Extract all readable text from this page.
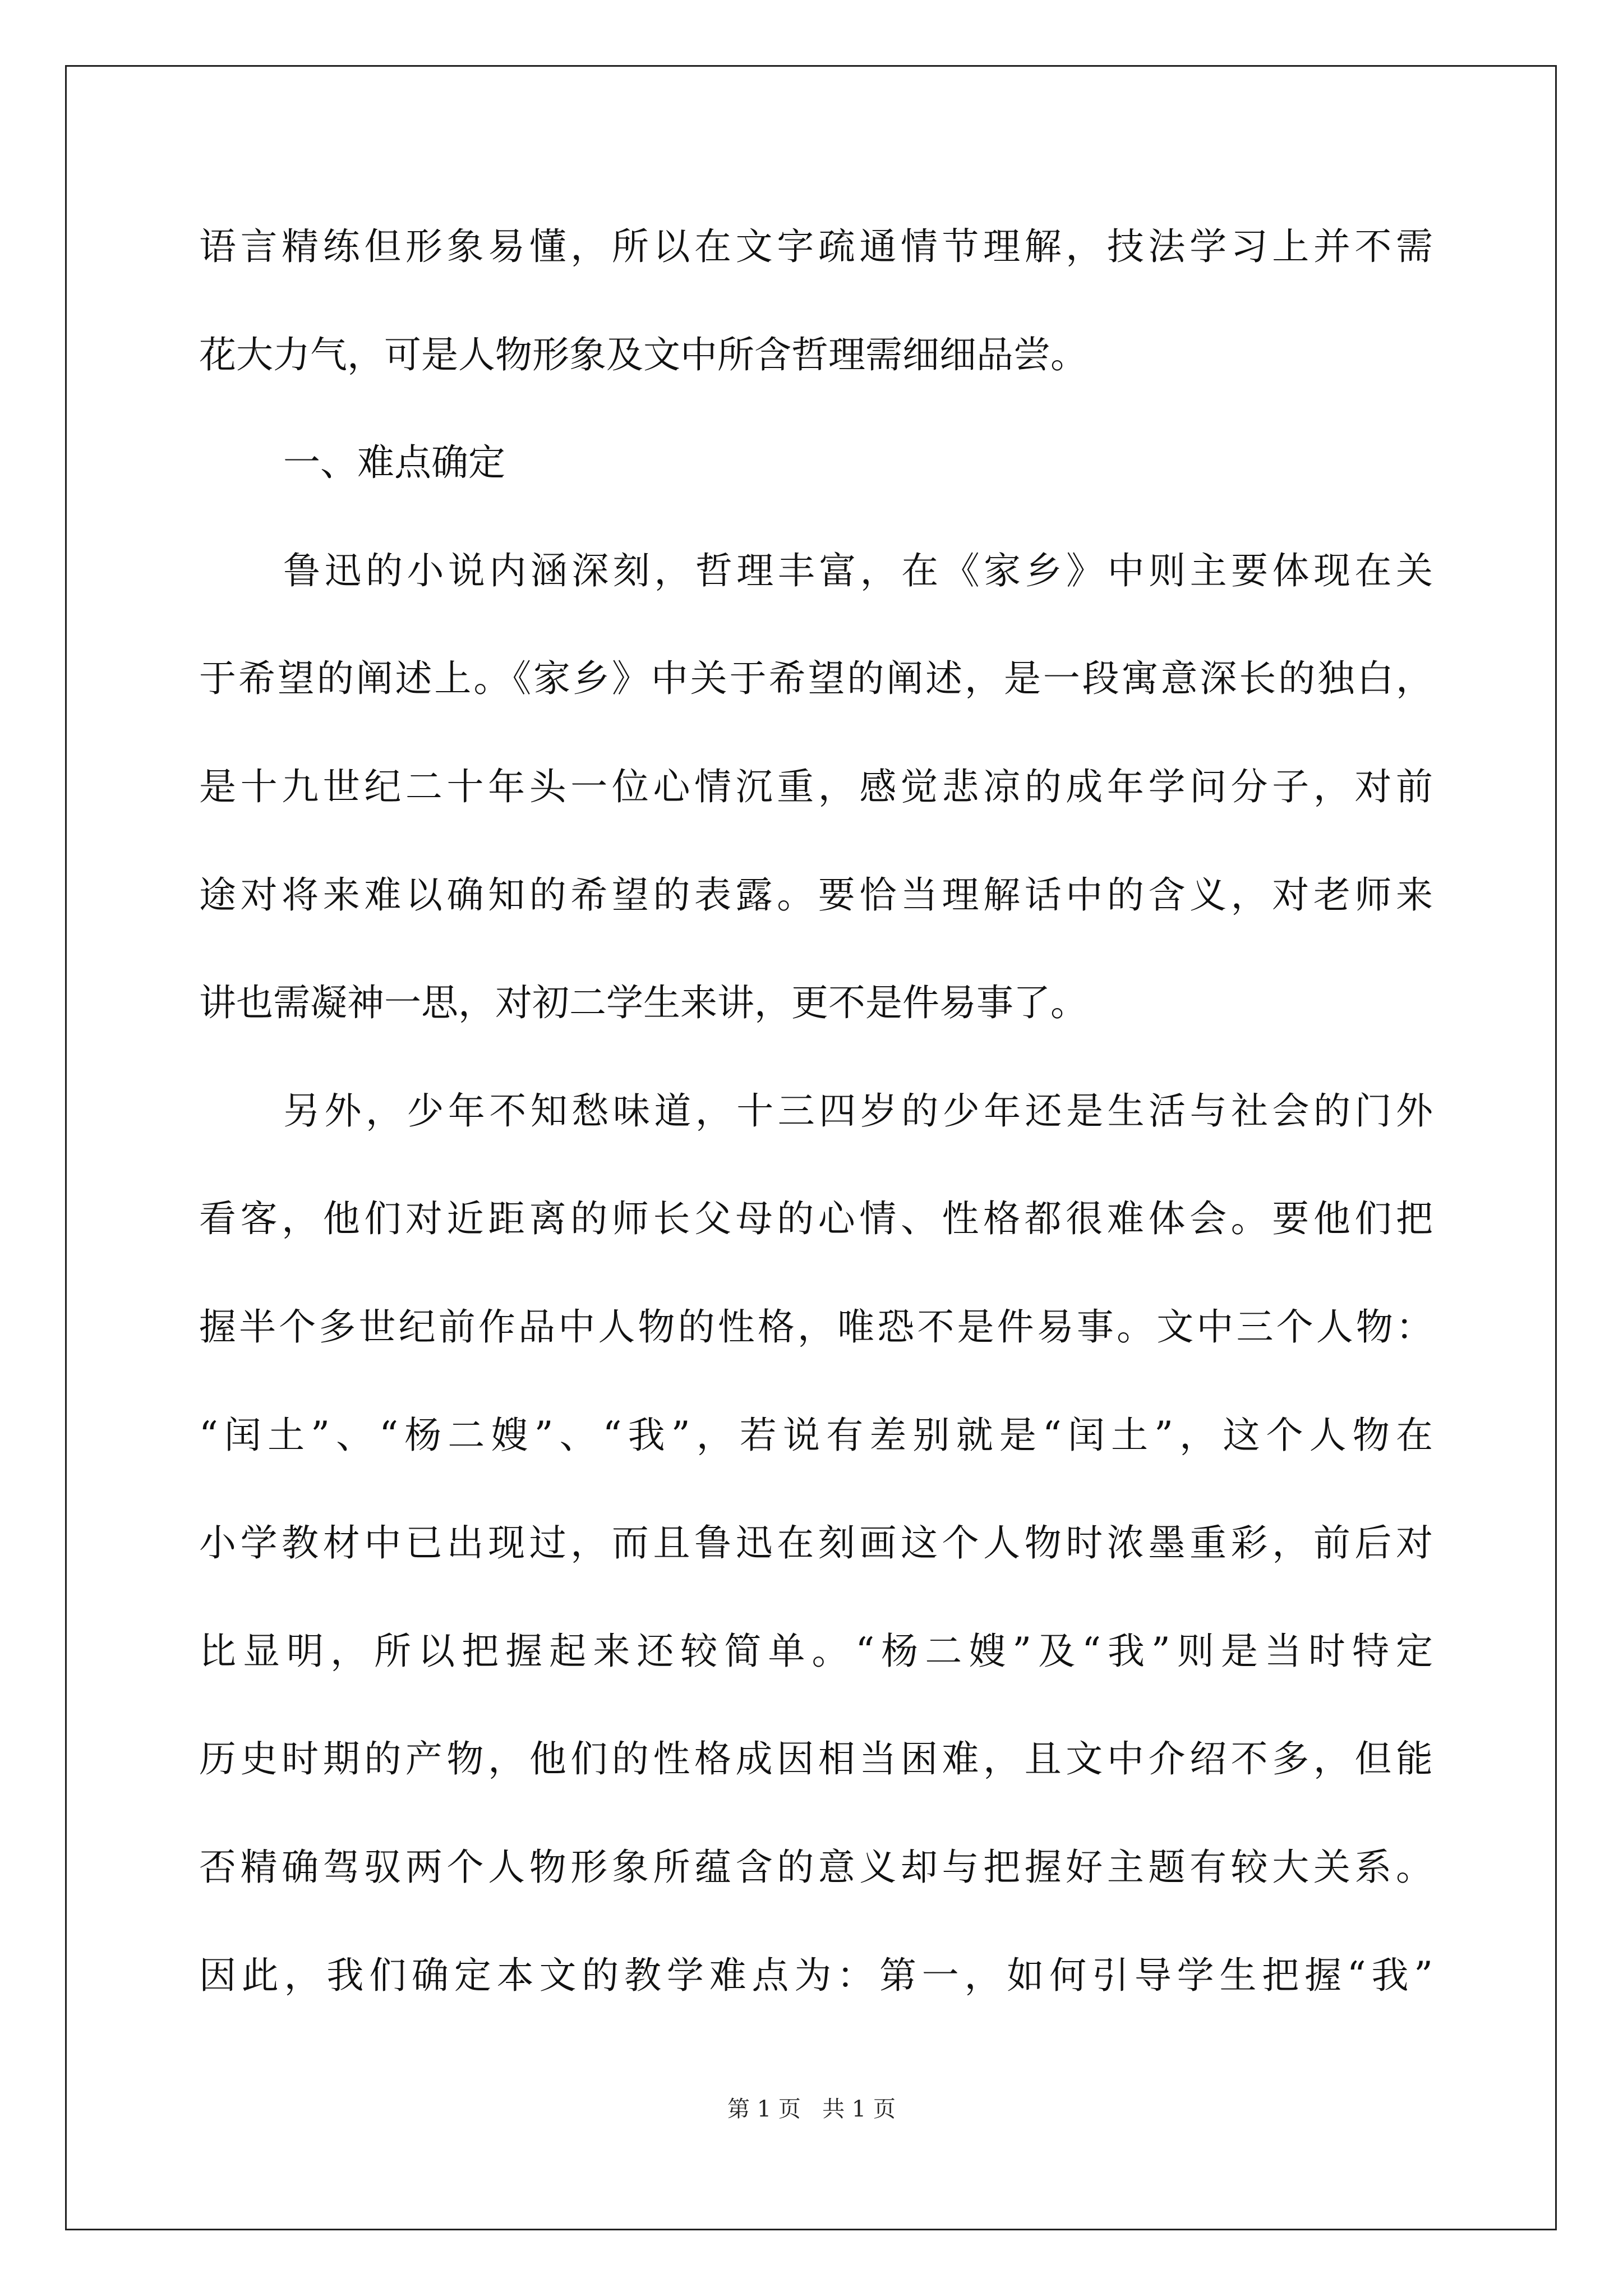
语言精练但形象易懂，所以在文字疏通情节理解，技法学习上并不需
花大力气，可是人物形象及文中所含哲理需细细品尝。
一、难点确定
鲁迅的小说内涵深刻，哲理丰富，在《家乡》中则主要体现在关
于希望的阐述上。《家乡》中关于希望的阐述，是一段寓意深长的独白，
是十九世纪二十年头一位心情沉重，感觉悲凉的成年学问分子，对前
途对将来难以确知的希望的表露。要恰当理解话中的含义，对老师来
讲也需凝神一思，对初二学生来讲，更不是件易事了。
另外，少年不知愁味道，十三四岁的少年还是生活与社会的门外
看客，他们对近距离的师长父母的心情、性格都很难体会。要他们把
握半个多世纪前作品中人物的性格，唯恐不是件易事。文中三个人物：
“闰土”、“杨二嫂”、“我”，若说有差别就是“闰土”，这个人物在
小学教材中已出现过，而且鲁迅在刻画这个人物时浓墨重彩，前后对
比显明，所以把握起来还较简单。“杨二嫂”及“我”则是当时特定
历史时期的产物，他们的性格成因相当困难，且文中介绍不多，但能
否精确驾驭两个人物形象所蕴含的意义却与把握好主题有较大关系。
因此，我们确定本文的教学难点为：第一，如何引导学生把握“我”
第 1 页   共 1 页
